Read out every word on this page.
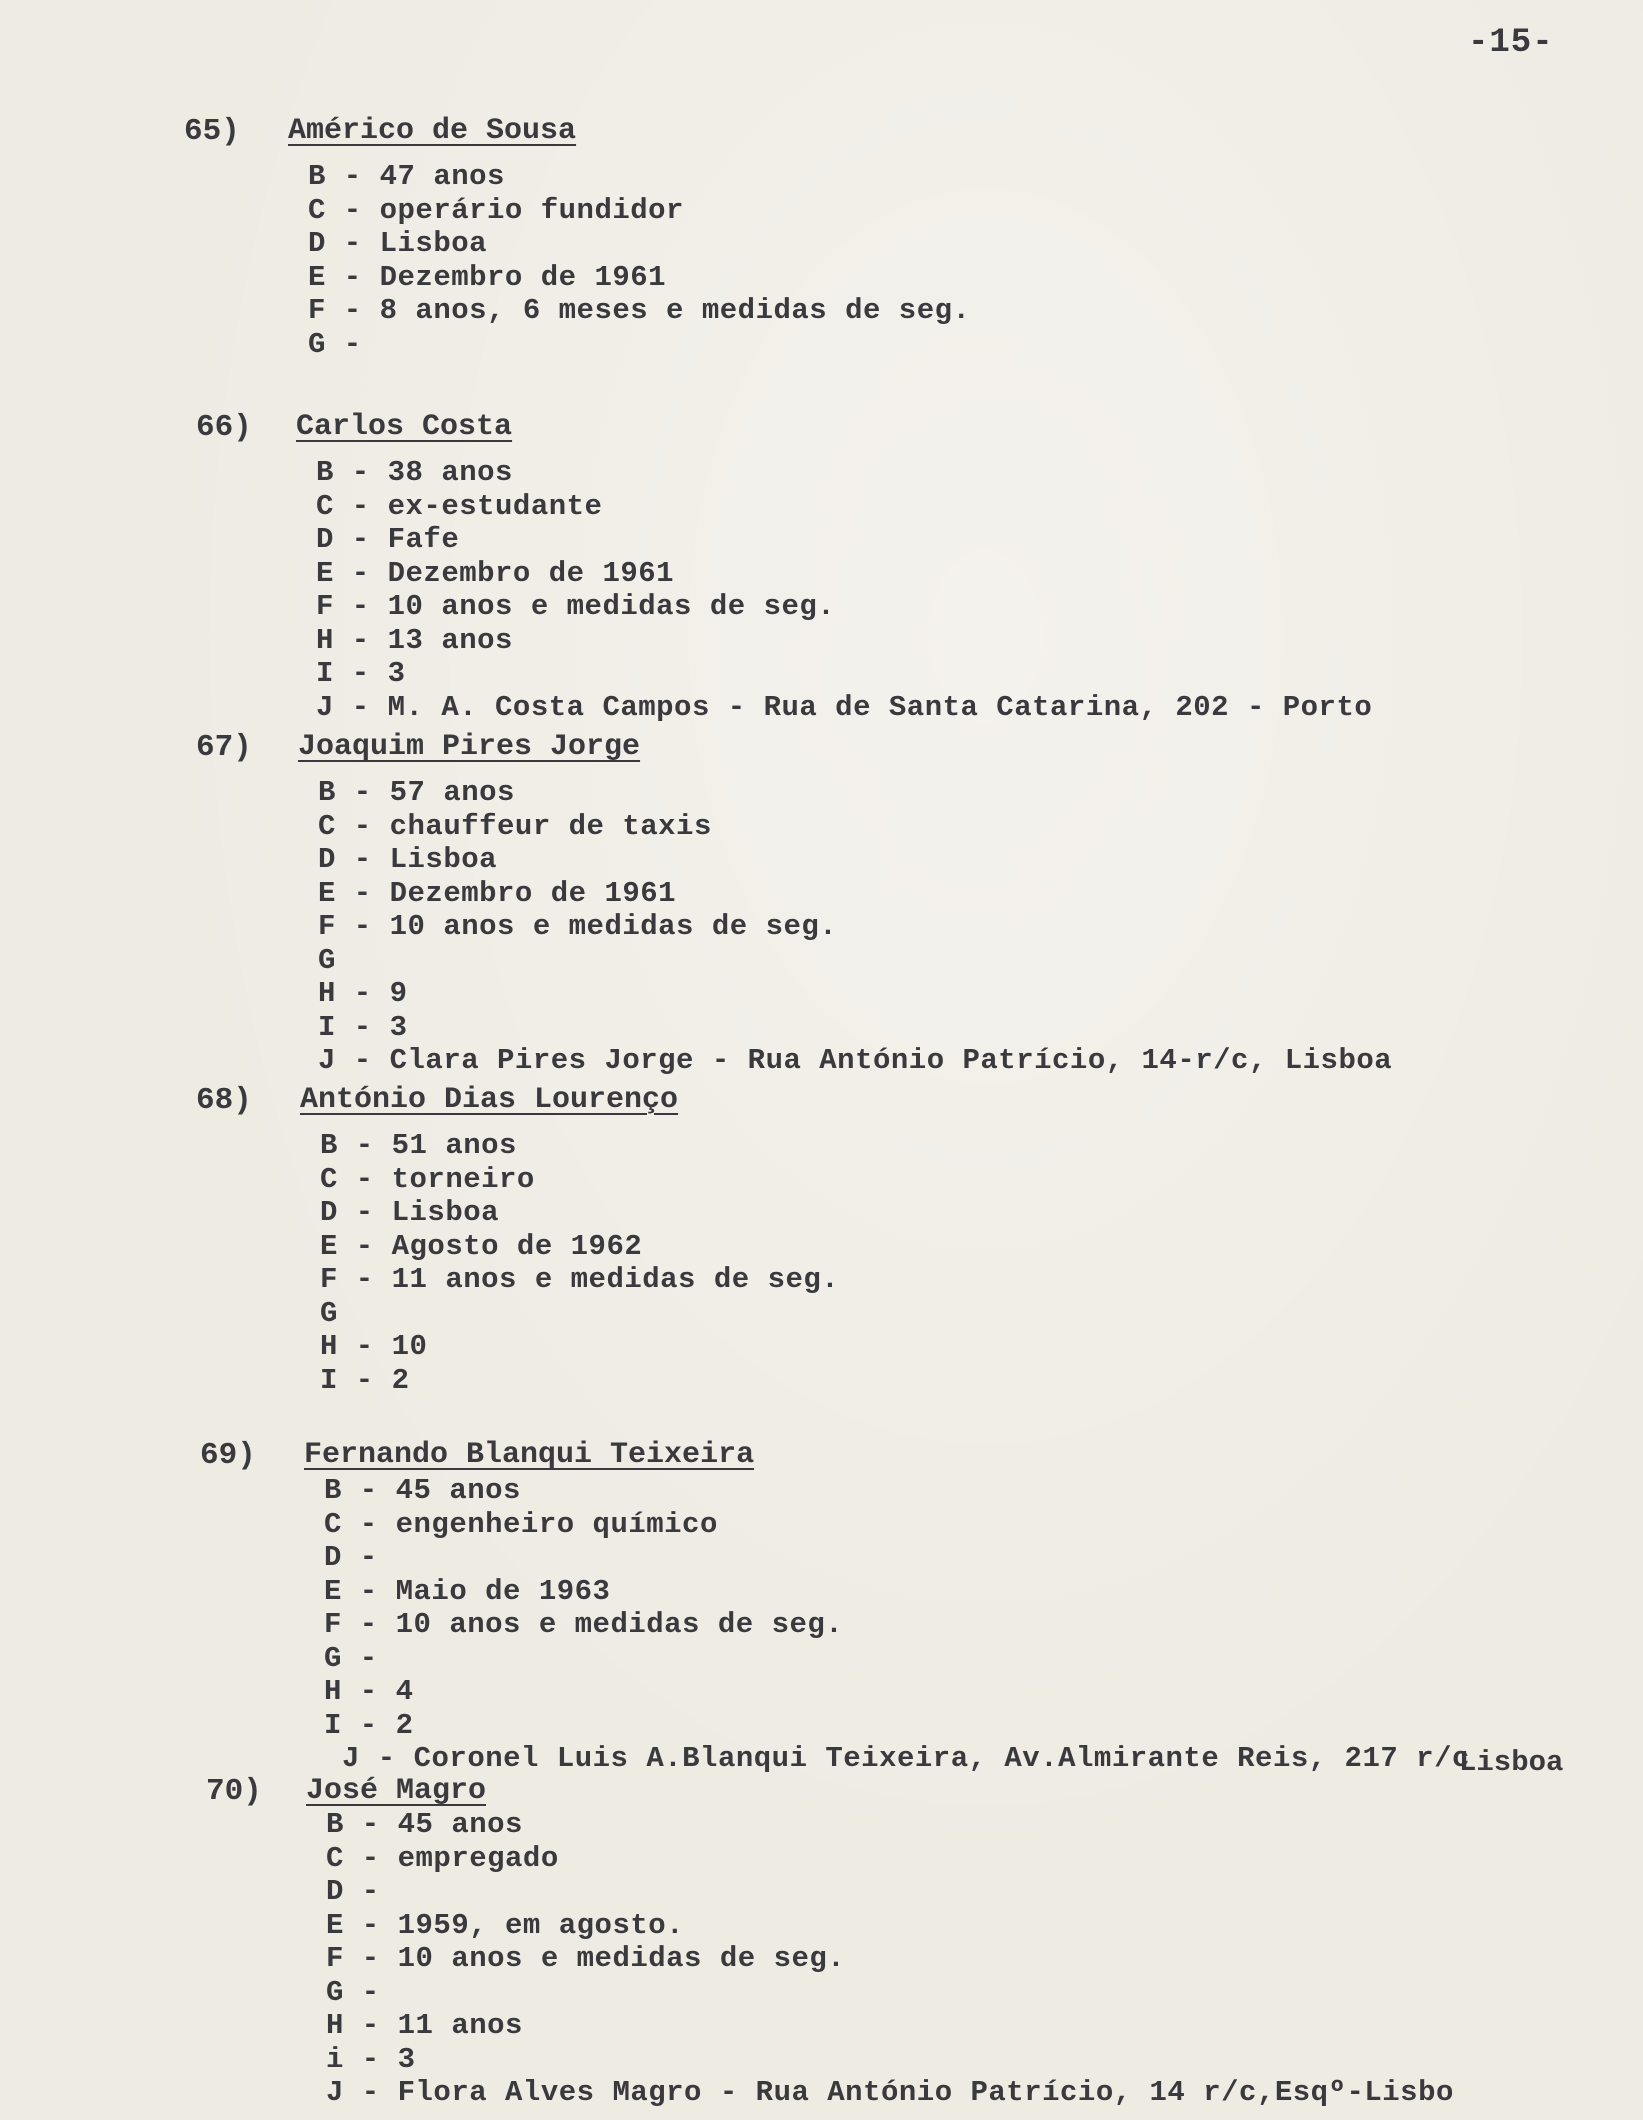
-15-
65) Américo de Sousa
B - 47 anos
C - operário fundidor
D - Lisboa
E - Dezembro de 1961
F - 8 anos, 6 meses e medidas de seg.
G -
66) Carlos Costa
B - 38 anos
C - ex-estudante
D - Fafe
E - Dezembro de 1961
F - 10 anos e medidas de seg.
H - 13 anos
I - 3
J - M. A. Costa Campos - Rua de Santa Catarina, 202 - Porto
67) Joaquim Pires Jorge
B - 57 anos
C - chauffeur de taxis
D - Lisboa
E - Dezembro de 1961
F - 10 anos e medidas de seg.
G
H - 9
I - 3
J - Clara Pires Jorge - Rua António Patrício, 14-r/c, Lisboa
68) António Dias Lourenço
B - 51 anos
C - torneiro
D - Lisboa
E - Agosto de 1962
F - 11 anos e medidas de seg.
G
H - 10
I - 2
69) Fernando Blanqui Teixeira
B - 45 anos
C - engenheiro químico
D -
E - Maio de 1963
F - 10 anos e medidas de seg.
G -
H - 4
I - 2
J - Coronel Luis A.Blanqui Teixeira, Av.Almirante Reis, 217 r/c
Lisboa
70) José Magro
B - 45 anos
C - empregado
D -
E - 1959, em agosto.
F - 10 anos e medidas de seg.
G -
H - 11 anos
i - 3
J - Flora Alves Magro - Rua António Patrício, 14 r/c,Esqº-Lisbo
